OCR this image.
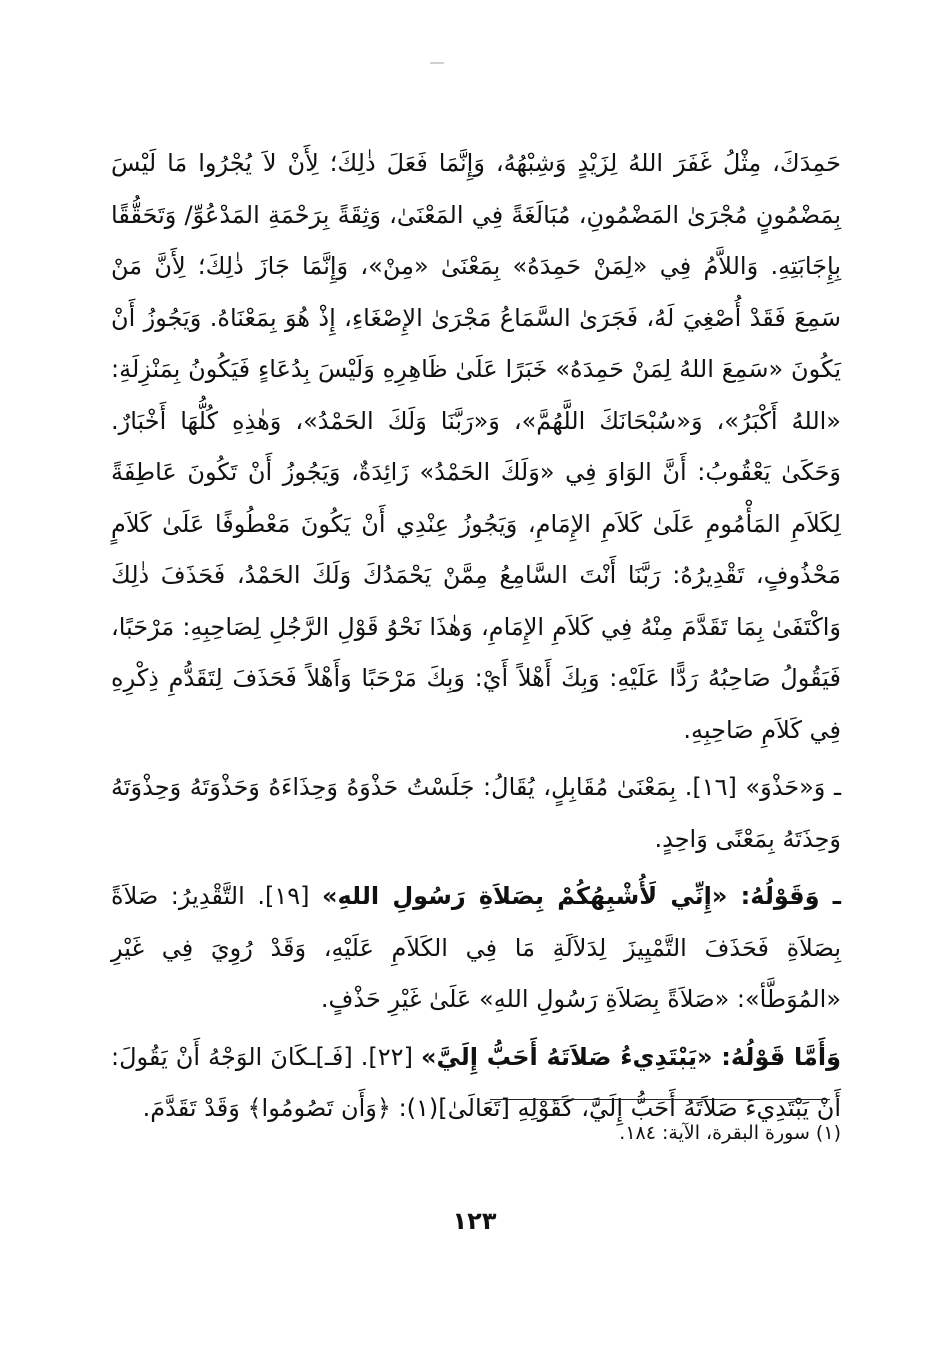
حَمِدَكَ، مِثْلُ غَفَرَ اللهُ لِزَيْدٍ وَشِبْهُهُ، وَإِنَّمَا فَعَلَ ذٰلِكَ؛ لِأَنْ لاَ يُجْرُوا مَا لَيْسَ بِمَضْمُونٍ مُجْرَىٰ المَضْمُونِ، مُبَالَغَةً فِي المَعْنَىٰ، وَثِقَةً بِرَحْمَةِ المَدْعُوِّ/ وَتَحَقُّقًا بِإِجَابَتِهِ. وَاللاَّمُ فِي «لِمَنْ حَمِدَهُ» بِمَعْنَىٰ «مِنْ»، وَإِنَّمَا جَازَ ذٰلِكَ؛ لِأَنَّ مَنْ سَمِعَ فَقَدْ أُصْغِيَ لَهُ، فَجَرَىٰ السَّمَاعُ مَجْرَىٰ الإِصْغَاءِ، إِذْ هُوَ بِمَعْنَاهُ. وَيَجُوزُ أَنْ يَكُونَ «سَمِعَ اللهُ لِمَنْ حَمِدَهُ» خَبَرًا عَلَىٰ ظَاهِرِهِ وَلَيْسَ بِدُعَاءٍ فَيَكُونُ بِمَنْزِلَةِ: «اللهُ أَكْبَرُ»، وَ«سُبْحَانَكَ اللَّهُمَّ»، وَ«رَبَّنَا وَلَكَ الحَمْدُ»، وَهٰذِهِ كُلُّهَا أَخْبَارٌ. وَحَكَىٰ يَعْقُوبُ: أَنَّ الوَاوَ فِي «وَلَكَ الحَمْدُ» زَائِدَةٌ، وَيَجُوزُ أَنْ تَكُونَ عَاطِفَةً لِكَلاَمِ المَأْمُومِ عَلَىٰ كَلاَمِ الإِمَامِ، وَيَجُوزُ عِنْدِي أَنْ يَكُونَ مَعْطُوفًا عَلَىٰ كَلاَمٍ مَحْذُوفٍ، تَقْدِيرُهُ: رَبَّنَا أَنْتَ السَّامِعُ مِمَّنْ يَحْمَدُكَ وَلَكَ الحَمْدُ، فَحَذَفَ ذٰلِكَ وَاكْتَفَىٰ بِمَا تَقَدَّمَ مِنْهُ فِي كَلاَمِ الإِمَامِ، وَهٰذَا نَحْوُ قَوْلِ الرَّجُلِ لِصَاحِبِهِ: مَرْحَبًا، فَيَقُولُ صَاحِبُهُ رَدًّا عَلَيْهِ: وَبِكَ أَهْلاً أَيْ: وَبِكَ مَرْحَبًا وَأَهْلاً فَحَذَفَ لِتَقَدُّمِ ذِكْرِهِ فِي كَلاَمِ صَاحِبِهِ.

ـ وَ«حَذْوَ» [١٦]. بِمَعْنَىٰ مُقَابِلٍ، يُقَالُ: جَلَسْتُ حَذْوَهُ وَحِذَاءَهُ وَحَذْوَتَهُ وَحِذْوَتَهُ وَحِذَتَهُ بِمَعْنًى وَاحِدٍ.

ـ وَقَوْلُهُ: «إِنِّي لَأُشْبِهُكُمْ بِصَلاَةِ رَسُولِ اللهِ» [١٩]. التَّقْدِيرُ: صَلاَةً بِصَلاَةِ فَحَذَفَ التَّمْيِيزَ لِدَلاَلَةِ مَا فِي الكَلاَمِ عَلَيْهِ، وَقَدْ رُوِيَ فِي غَيْرِ «المُوَطَّأ»: «صَلاَةً بِصَلاَةِ رَسُولِ اللهِ» عَلَىٰ غَيْرِ حَذْفٍ.

وَأَمَّا قَوْلُهُ: «يَبْتَدِيءُ صَلاَتَهُ أَحَبُّ إِلَيَّ» [٢٢]. [فَـ]ـكَانَ الوَجْهُ أَنْ يَقُولَ: أَنْ يَبْتَدِيءَ صَلاَتَهُ أَحَبُّ إِلَيَّ، كَقَوْلِهِ [تَعَالَىٰ](١): ﴿وَأَن تَصُومُوا﴾ وَقَدْ تَقَدَّمَ.

(١) سورة البقرة، الآية: ١٨٤.
١٢٣
